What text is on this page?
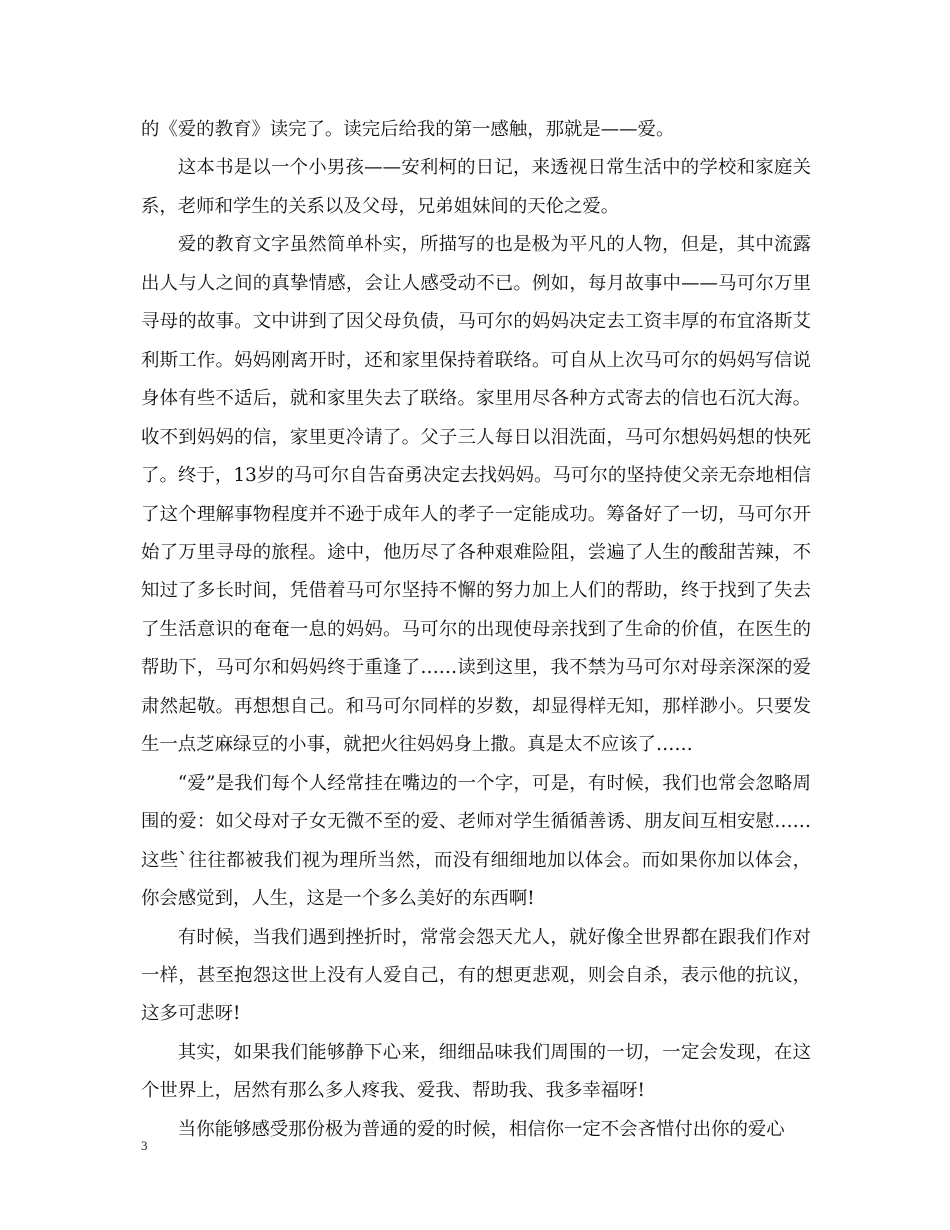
的《爱的教育》读完了。读完后给我的第一感触，那就是——爱。

这本书是以一个小男孩——安利柯的日记，来透视日常生活中的学校和家庭关系，老师和学生的关系以及父母，兄弟姐妹间的天伦之爱。

爱的教育文字虽然简单朴实，所描写的也是极为平凡的人物，但是，其中流露出人与人之间的真挚情感，会让人感受动不已。例如，每月故事中——马可尔万里寻母的故事。文中讲到了因父母负债，马可尔的妈妈决定去工资丰厚的布宜洛斯艾利斯工作。妈妈刚离开时，还和家里保持着联络。可自从上次马可尔的妈妈写信说身体有些不适后，就和家里失去了联络。家里用尽各种方式寄去的信也石沉大海。收不到妈妈的信，家里更冷请了。父子三人每日以泪洗面，马可尔想妈妈想的快死了。终于，13岁的马可尔自告奋勇决定去找妈妈。马可尔的坚持使父亲无奈地相信了这个理解事物程度并不逊于成年人的孝子一定能成功。筹备好了一切，马可尔开始了万里寻母的旅程。途中，他历尽了各种艰难险阻，尝遍了人生的酸甜苦辣，不知过了多长时间，凭借着马可尔坚持不懈的努力加上人们的帮助，终于找到了失去了生活意识的奄奄一息的妈妈。马可尔的出现使母亲找到了生命的价值，在医生的帮助下，马可尔和妈妈终于重逢了……读到这里，我不禁为马可尔对母亲深深的爱肃然起敬。再想想自己。和马可尔同样的岁数，却显得样无知，那样渺小。只要发生一点芝麻绿豆的小事，就把火往妈妈身上撒。真是太不应该了……

“爱”是我们每个人经常挂在嘴边的一个字，可是，有时候，我们也常会忽略周围的爱：如父母对子女无微不至的爱、老师对学生循循善诱、朋友间互相安慰……这些`往往都被我们视为理所当然，而没有细细地加以体会。而如果你加以体会，你会感觉到，人生，这是一个多么美好的东西啊!

有时候，当我们遇到挫折时，常常会怨天尤人，就好像全世界都在跟我们作对一样，甚至抱怨这世上没有人爱自己，有的想更悲观，则会自杀，表示他的抗议，这多可悲呀!

其实，如果我们能够静下心来，细细品味我们周围的一切，一定会发现，在这个世界上，居然有那么多人疼我、爱我、帮助我、我多幸福呀!

当你能够感受那份极为普通的爱的时候，相信你一定不会吝惜付出你的爱心

3
